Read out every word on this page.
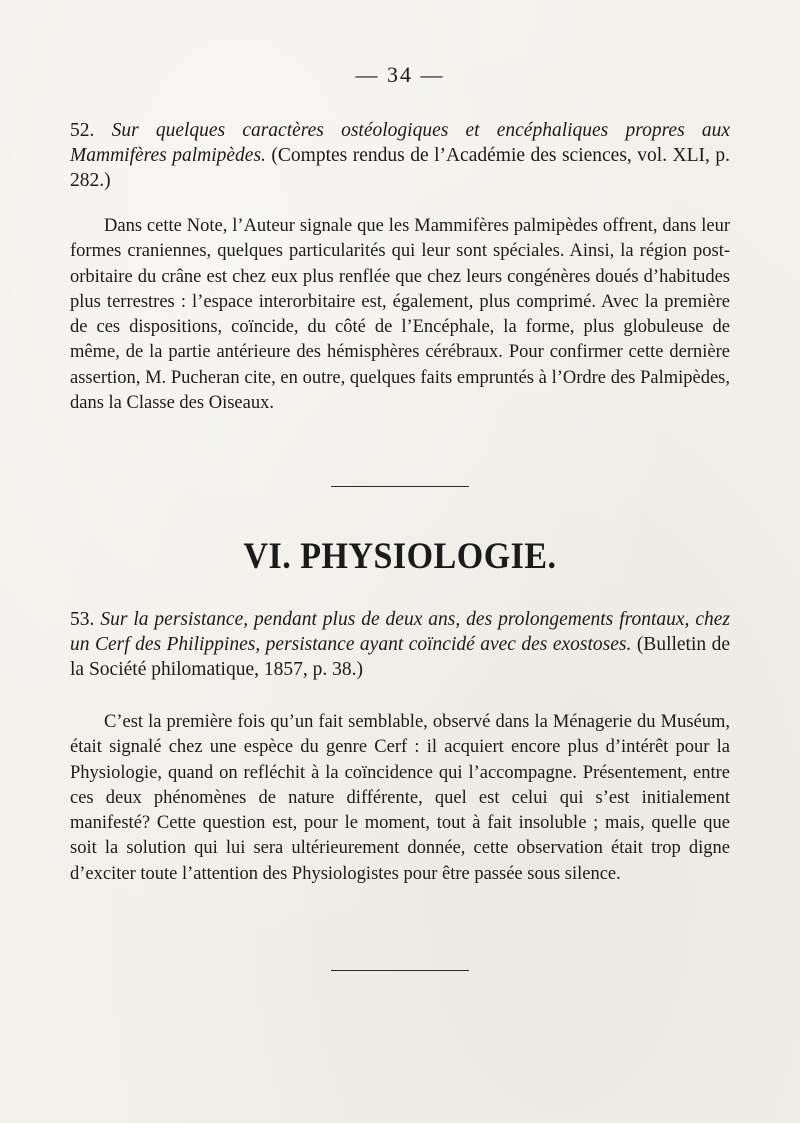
— 34 —
52. Sur quelques caractères ostéologiques et encéphaliques propres aux Mammifères palmipèdes. (Comptes rendus de l’Académie des sciences, vol. XLI, p. 282.)
Dans cette Note, l’Auteur signale que les Mammifères palmipèdes offrent, dans leur formes craniennes, quelques particularités qui leur sont spéciales. Ainsi, la région post-orbitaire du crâne est chez eux plus renflée que chez leurs congénères doués d’habitudes plus terrestres : l’espace interorbitaire est, également, plus comprimé. Avec la première de ces dispositions, coïncide, du côté de l’Encéphale, la forme, plus globuleuse de même, de la partie antérieure des hémisphères cérébraux. Pour confirmer cette dernière assertion, M. Pucheran cite, en outre, quelques faits empruntés à l’Ordre des Palmipèdes, dans la Classe des Oiseaux.
VI. PHYSIOLOGIE.
53. Sur la persistance, pendant plus de deux ans, des prolongements frontaux, chez un Cerf des Philippines, persistance ayant coïncidé avec des exostoses. (Bulletin de la Société philomatique, 1857, p. 38.)
C’est la première fois qu’un fait semblable, observé dans la Ménagerie du Muséum, était signalé chez une espèce du genre Cerf : il acquiert encore plus d’intérêt pour la Physiologie, quand on refléchit à la coïncidence qui l’accompagne. Présentement, entre ces deux phénomènes de nature différente, quel est celui qui s’est initialement manifesté? Cette question est, pour le moment, tout à fait insoluble ; mais, quelle que soit la solution qui lui sera ultérieurement donnée, cette observation était trop digne d’exciter toute l’attention des Physiologistes pour être passée sous silence.
